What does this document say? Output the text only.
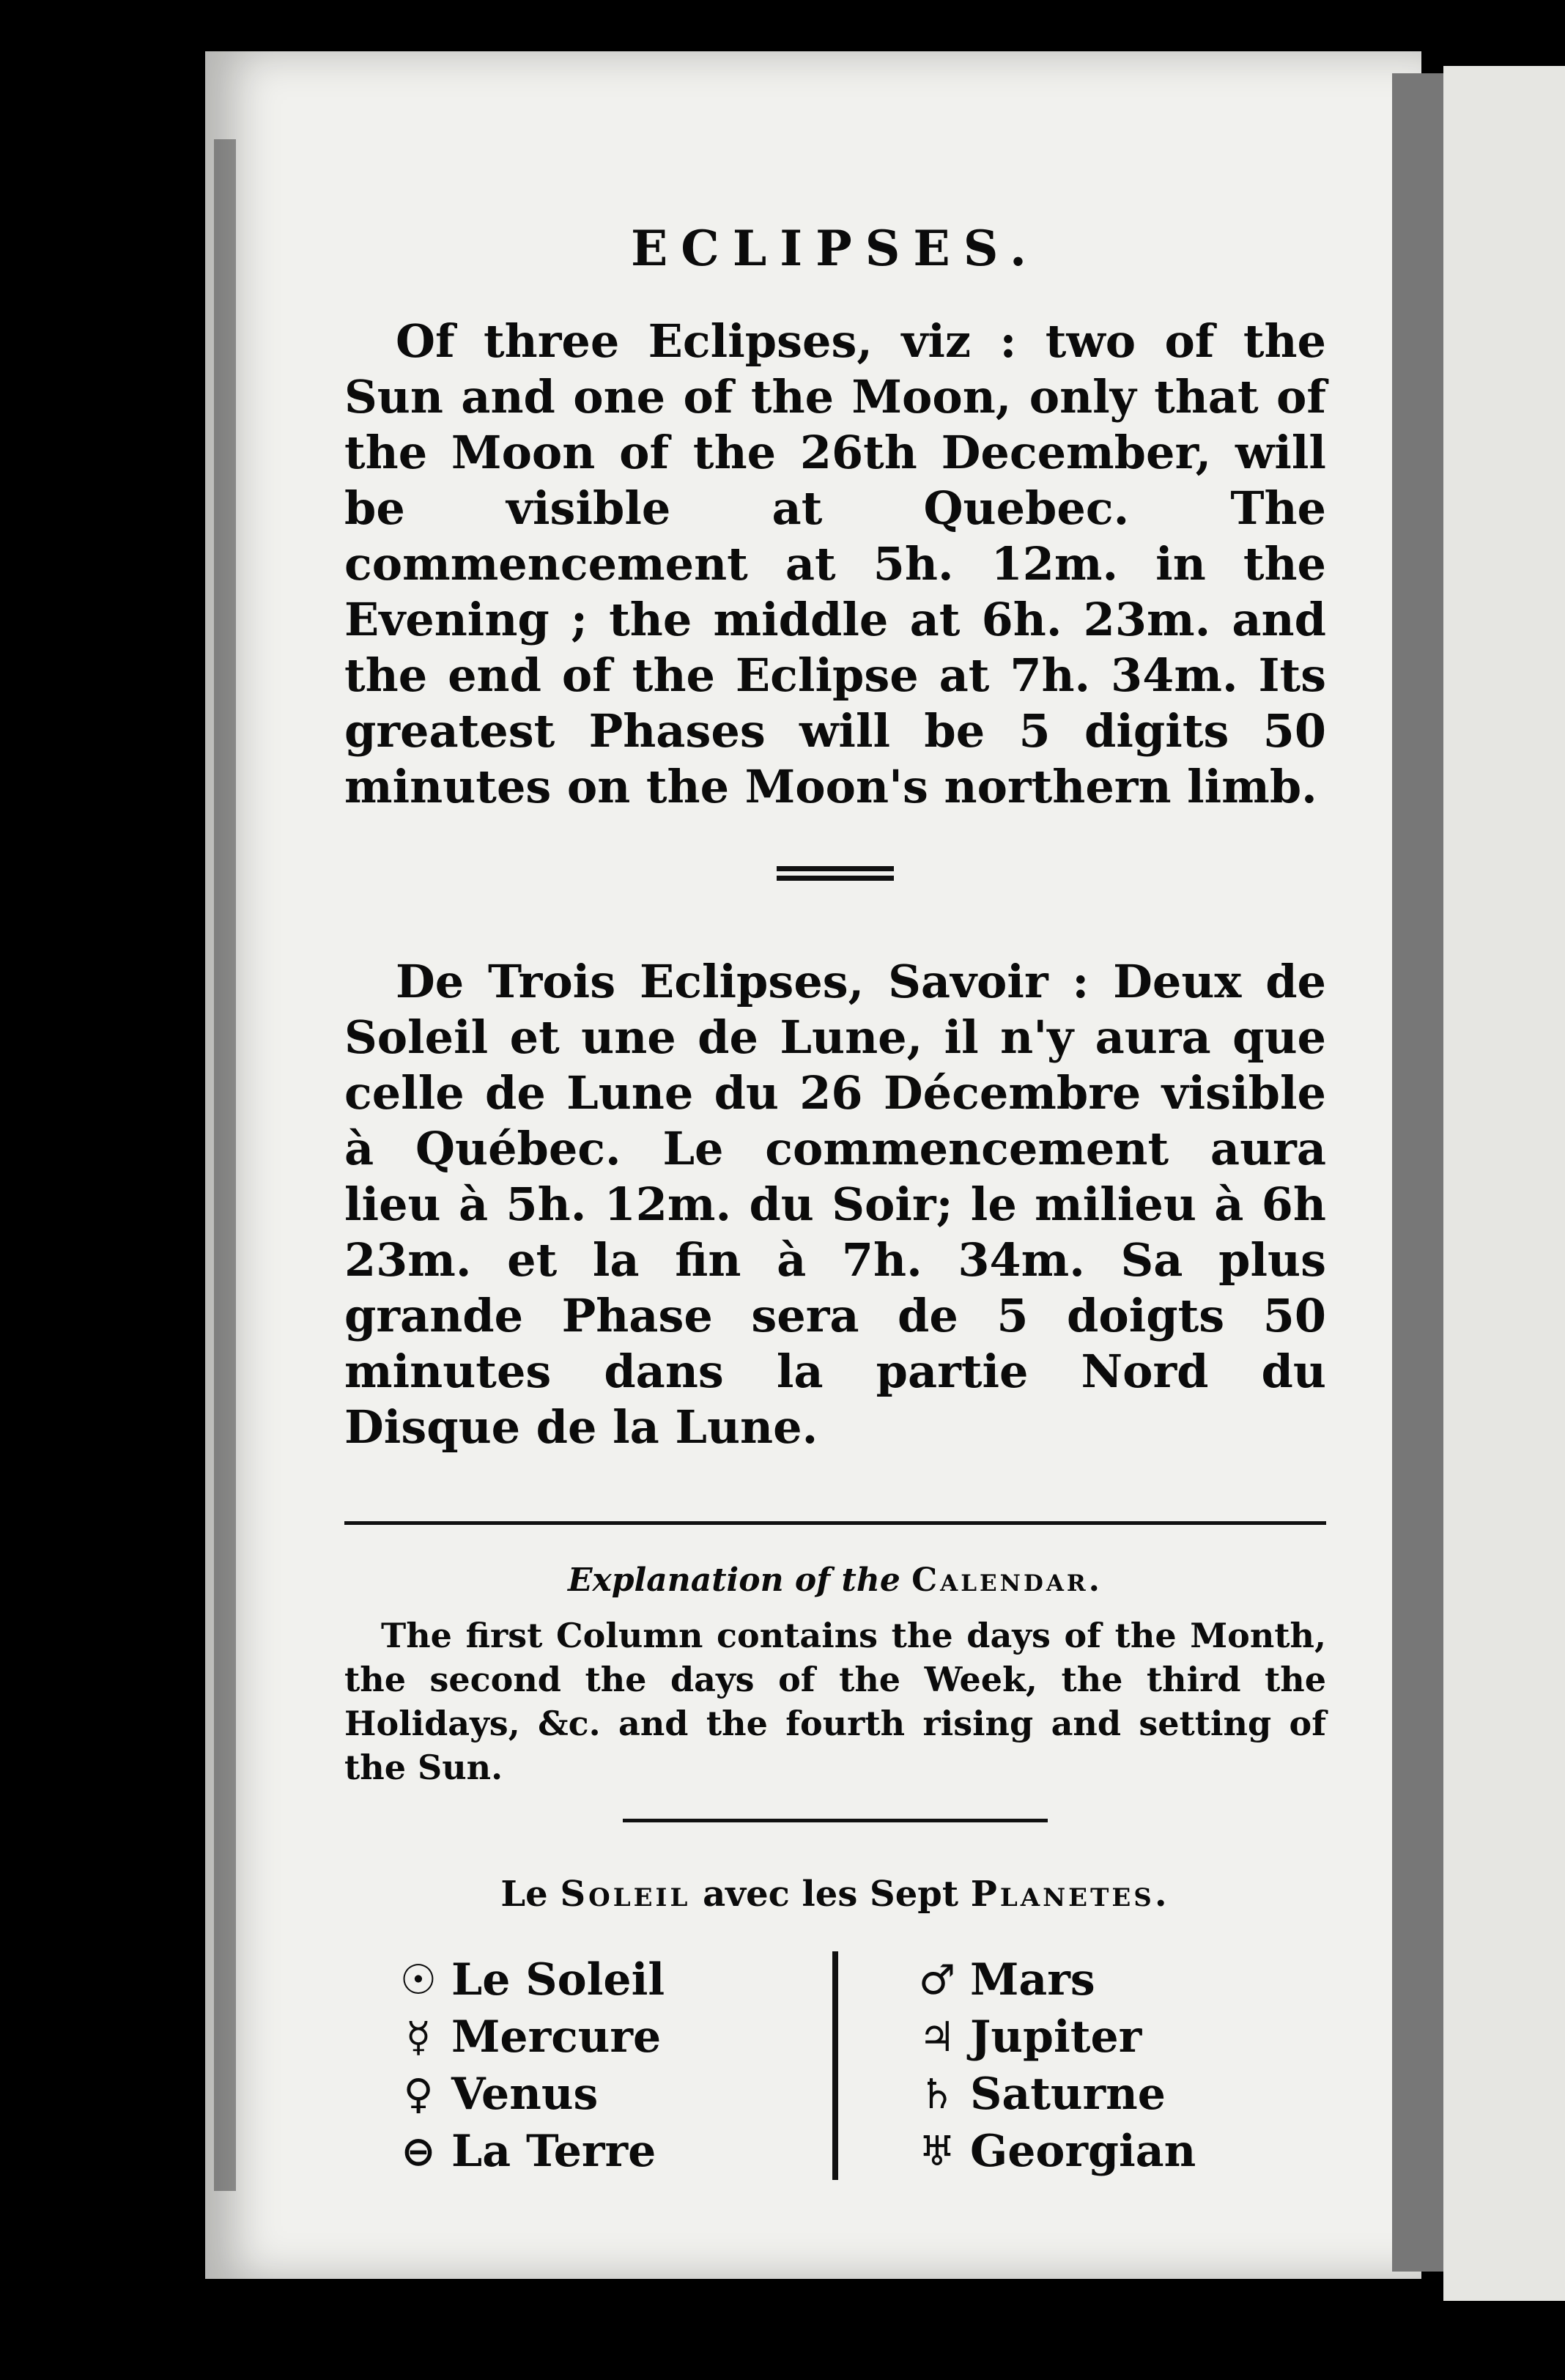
ECLIPSES.

Of three Eclipses, viz : two of the Sun and one of the Moon, only that of the Moon of the 26th December, will be visible at Quebec. The commencement at 5h. 12m. in the Evening ; the middle at 6h. 23m. and the end of the Eclipse at 7h. 34m. Its greatest Phases will be 5 digits 50 minutes on the Moon's northern limb.

De Trois Eclipses, Savoir : Deux de Soleil et une de Lune, il n'y aura que celle de Lune du 26 Décembre visible à Québec. Le commencement aura lieu à 5h. 12m. du Soir; le milieu à 6h 23m. et la fin à 7h. 34m. Sa plus grande Phase sera de 5 doigts 50 minutes dans la partie Nord du Disque de la Lune.

Explanation of the Calendar.

The first Column contains the days of the Month, the second the days of the Week, the third the Holidays, &c. and the fourth rising and setting of the Sun.

Le Soleil avec les Sept Planetes.
☉ Le Soleil
☿ Mercure
♀ Venus
⊖ La Terre
♂ Mars
♃ Jupiter
♄ Saturne
♅ Georgian
